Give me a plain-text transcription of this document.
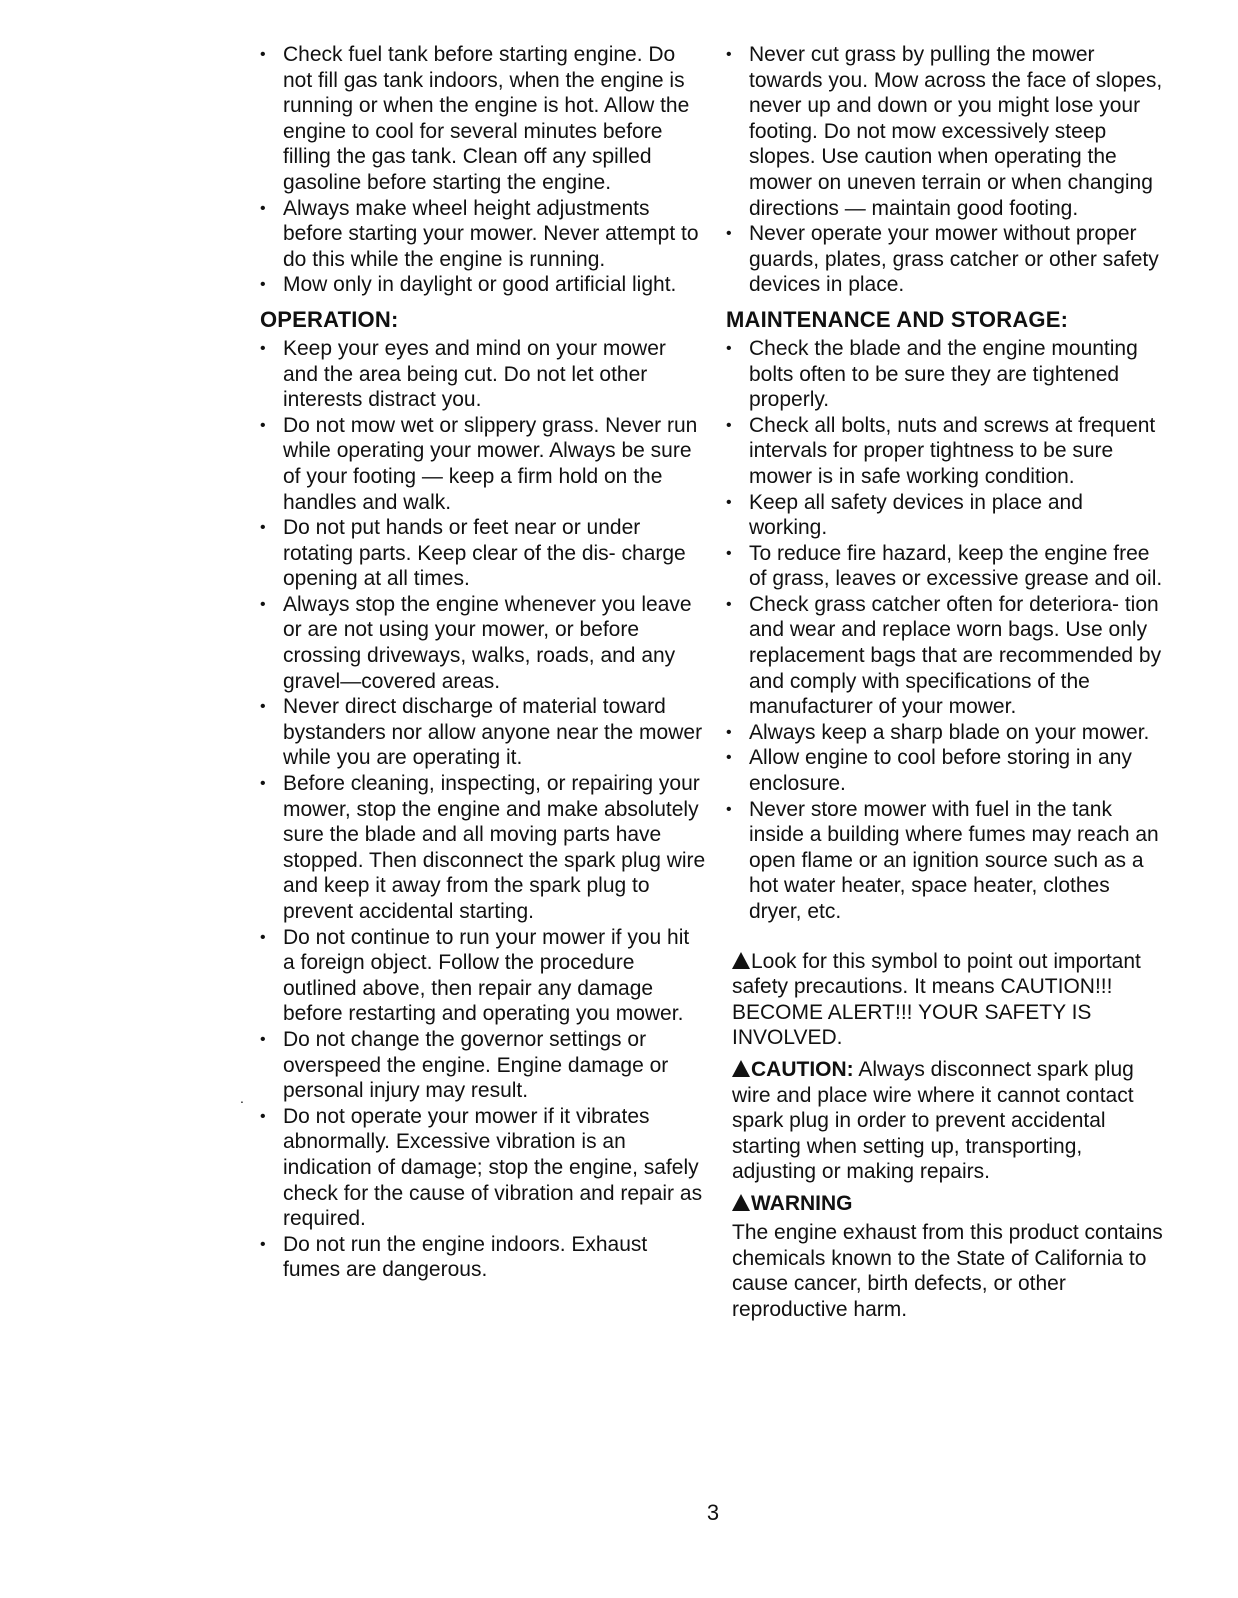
• Check fuel tank before starting engine. Do not fill gas tank indoors, when the engine is running or when the engine is hot. Allow the engine to cool for several minutes before filling the gas tank. Clean off any spilled gasoline before starting the engine.
• Always make wheel height adjustments before starting your mower. Never attempt to do this while the engine is running.
• Mow only in daylight or good artificial light.
OPERATION:
• Keep your eyes and mind on your mower and the area being cut. Do not let other interests distract you.
• Do not mow wet or slippery grass. Never run while operating your mower. Always be sure of your footing — keep a firm hold on the handles and walk.
• Do not put hands or feet near or under rotating parts. Keep clear of the dis- charge opening at all times.
• Always stop the engine whenever you leave or are not using your mower, or before crossing driveways, walks, roads, and any gravel—covered areas.
• Never direct discharge of material toward bystanders nor allow anyone near the mower while you are operating it.
• Before cleaning, inspecting, or repairing your mower, stop the engine and make absolutely sure the blade and all moving parts have stopped. Then disconnect the spark plug wire and keep it away from the spark plug to prevent accidental starting.
• Do not continue to run your mower if you hit a foreign object. Follow the procedure outlined above, then repair any damage before restarting and operating you mower.
• Do not change the governor settings or overspeed the engine. Engine damage or personal injury may result.
• Do not operate your mower if it vibrates abnormally. Excessive vibration is an indication of damage; stop the engine, safely check for the cause of vibration and repair as required.
• Do not run the engine indoors. Exhaust fumes are dangerous.
• Never cut grass by pulling the mower towards you. Mow across the face of slopes, never up and down or you might lose your footing. Do not mow excessively steep slopes. Use caution when operating the mower on uneven terrain or when changing directions — maintain good footing.
• Never operate your mower without proper guards, plates, grass catcher or other safety devices in place.
MAINTENANCE AND STORAGE:
• Check the blade and the engine mounting bolts often to be sure they are tightened properly.
• Check all bolts, nuts and screws at frequent intervals for proper tightness to be sure mower is in safe working condition.
• Keep all safety devices in place and working.
• To reduce fire hazard, keep the engine free of grass, leaves or excessive grease and oil.
• Check grass catcher often for deteriora- tion and wear and replace worn bags. Use only replacement bags that are recommended by and comply with specifications of the manufacturer of your mower.
• Always keep a sharp blade on your mower.
• Allow engine to cool before storing in any enclosure.
• Never store mower with fuel in the tank inside a building where fumes may reach an open flame or an ignition source such as a hot water heater, space heater, clothes dryer, etc.

Look for this symbol to point out important safety precautions. It means CAUTION!!! BECOME ALERT!!! YOUR SAFETY IS INVOLVED.

CAUTION: Always disconnect spark plug wire and place wire where it cannot contact spark plug in order to prevent accidental starting when setting up, transporting, adjusting or making repairs.

WARNING

The engine exhaust from this product contains chemicals known to the State of California to cause cancer, birth defects, or other reproductive harm.

.
3
